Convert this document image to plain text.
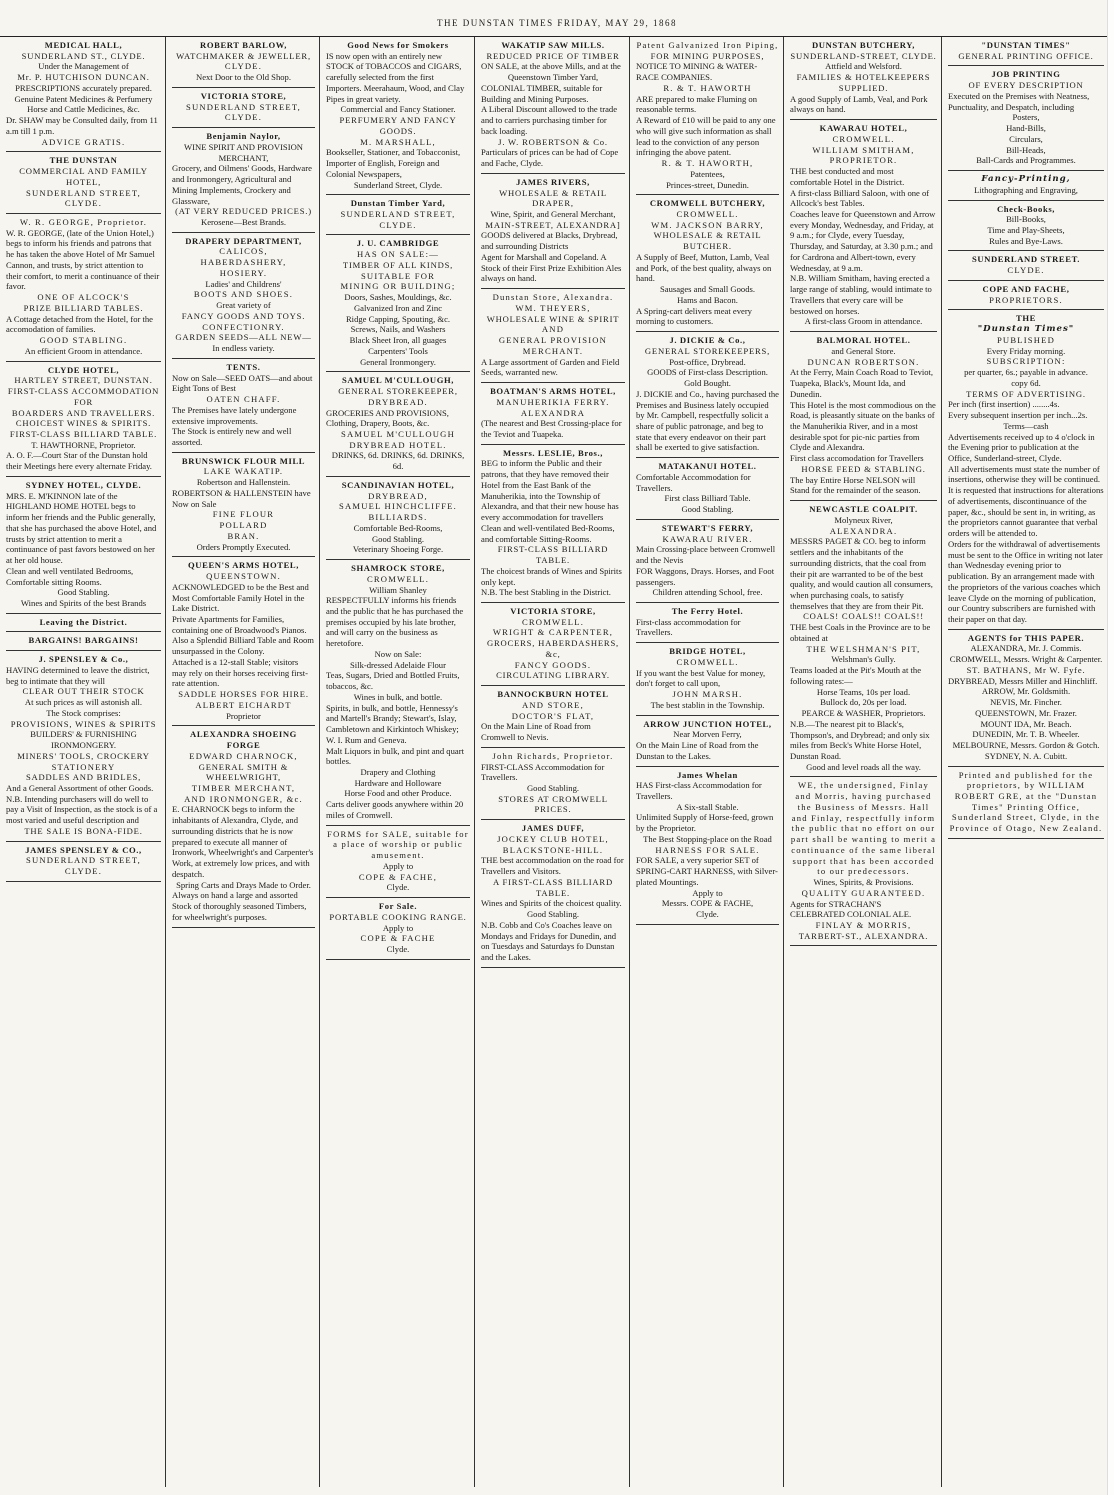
THE DUNSTAN TIMES FRIDAY, MAY 29, 1868

MEDICAL HALL,

SUNDERLAND ST., CLYDE.

Under the Management of

Mr. P. HUTCHISON DUNCAN.

PRESCRIPTIONS accurately prepared.

Genuine Patent Medicines & Perfumery

Horse and Cattle Medicines, &c.

Dr. SHAW may be Consulted daily, from 11 a.m till 1 p.m.

ADVICE GRATIS.

THE DUNSTAN

COMMERCIAL AND FAMILY HOTEL,

SUNDERLAND STREET,

CLYDE.

W. R. GEORGE, Proprietor.

W. R. GEORGE, (late of the Union Hotel,) begs to inform his friends and patrons that he has taken the above Hotel of Mr Samuel Cannon, and trusts, by strict attention to their comfort, to merit a continuance of their favor.

ONE OF ALCOCK'S

PRIZE BILLIARD TABLES.

A Cottage detached from the Hotel, for the accomodation of families.

GOOD STABLING.

An efficient Groom in attendance.

CLYDE HOTEL,

HARTLEY STREET, DUNSTAN.

FIRST-CLASS ACCOMMODATION FOR

BOARDERS AND TRAVELLERS.

CHOICEST WINES & SPIRITS.

FIRST-CLASS BILLIARD TABLE.

T. HAWTHORNE, Proprietor.

A. O. F.—Court Star of the Dunstan hold their Meetings here every alternate Friday.

SYDNEY HOTEL, CLYDE.

MRS. E. M'KINNON late of the HIGHLAND HOME HOTEL begs to inform her friends and the Public generally, that she has purchased the above Hotel, and trusts by strict attention to merit a continuance of past favors bestowed on her at her old house.

Clean and well ventilated Bedrooms, Comfortable sitting Rooms.

Good Stabling.

Wines and Spirits of the best Brands

Leaving the District.

BARGAINS! BARGAINS!

J. SPENSLEY & Co.,

HAVING determined to leave the district, beg to intimate that they will

CLEAR OUT THEIR STOCK

At such prices as will astonish all.

The Stock comprises:

PROVISIONS, WINES & SPIRITS

BUILDERS' & FURNISHING IRONMONGERY.

MINERS' TOOLS, CROCKERY

STATIONERY

SADDLES AND BRIDLES,

And a General Assortment of other Goods.

N.B. Intending purchasers will do well to pay a Visit of Inspection, as the stock is of a most varied and useful description and

THE SALE IS BONA-FIDE.

JAMES SPENSLEY & CO.,

SUNDERLAND STREET,

CLYDE.

ROBERT BARLOW,

WATCHMAKER & JEWELLER,

CLYDE.

Next Door to the Old Shop.

VICTORIA STORE,

SUNDERLAND STREET,

CLYDE.

Benjamin Naylor,

WINE SPIRIT AND PROVISION MERCHANT,

Grocery, and Oilmens' Goods, Hardware and Ironmongery, Agricultural and Mining Implements, Crockery and Glassware,

(AT VERY REDUCED PRICES.)

Kerosene—Best Brands.

DRAPERY DEPARTMENT,

CALICOS,

HABERDASHERY,

HOSIERY.

Ladies' and Childrens'

BOOTS AND SHOES.

Great variety of

FANCY GOODS AND TOYS.

CONFECTIONRY.

GARDEN SEEDS—ALL NEW—

In endless variety.

TENTS.

Now on Sale—SEED OATS—and about Eight Tons of Best

OATEN CHAFF.

The Premises have lately undergone extensive improvements.

The Stock is entirely new and well assorted.

BRUNSWICK FLOUR MILL

LAKE WAKATIP.

Robertson and Hallenstein.

ROBERTSON & HALLENSTEIN have Now on Sale

FINE FLOUR

POLLARD

BRAN.

Orders Promptly Executed.

QUEEN'S ARMS HOTEL,

QUEENSTOWN.

ACKNOWLEDGED to be the Best and Most Comfortable Family Hotel in the Lake District.

Private Apartments for Families, containing one of Broadwood's Pianos.

Also a Splendid Billiard Table and Room unsurpassed in the Colony.

Attached is a 12-stall Stable; visitors may rely on their horses receiving first-rate attention.

SADDLE HORSES FOR HIRE.

ALBERT EICHARDT

Proprietor

ALEXANDRA SHOEING FORGE

EDWARD CHARNOCK,

GENERAL SMITH & WHEELWRIGHT,

TIMBER MERCHANT,

AND IRONMONGER, &c.

E. CHARNOCK begs to inform the inhabitants of Alexandra, Clyde, and surrounding districts that he is now prepared to execute all manner of Ironwork, Wheelwright's and Carpenter's Work, at extremely low prices, and with despatch.

Spring Carts and Drays Made to Order.

Always on hand a large and assorted Stock of thoroughly seasoned Timbers, for wheelwright's purposes.

Good News for Smokers

IS now open with an entirely new STOCK of TOBACCOS and CIGARS, carefully selected from the first Importers. Meerahaum, Wood, and Clay Pipes in great variety.

Commercial and Fancy Stationer.

PERFUMERY AND FANCY GOODS.

M. MARSHALL,

Bookseller, Stationer, and Tobacconist, Importer of English, Foreign and Colonial Newspapers,

Sunderland Street, Clyde.

Dunstan Timber Yard,

SUNDERLAND STREET,

CLYDE.

J. U. CAMBRIDGE

HAS ON SALE:—

TIMBER OF ALL KINDS,

SUITABLE FOR

MINING OR BUILDING;

Doors, Sashes, Mouldings, &c.

Galvanized Iron and Zinc

Ridge Capping, Spouting, &c.

Screws, Nails, and Washers

Black Sheet Iron, all guages

Carpenters' Tools

General Ironmongery.

SAMUEL M'CULLOUGH,

GENERAL STOREKEEPER,

DRYBREAD.

GROCERIES AND PROVISIONS, Clothing, Drapery, Boots, &c.

SAMUEL M'CULLOUGH

DRYBREAD HOTEL.

DRINKS, 6d. DRINKS, 6d. DRINKS, 6d.

SCANDINAVIAN HOTEL,

DRYBREAD,

SAMUEL HINCHCLIFFE.

BILLIARDS.

Comfortable Bed-Rooms,

Good Stabling.

Veterinary Shoeing Forge.

SHAMROCK STORE,

CROMWELL.

William Shanley

RESPECTFULLY informs his friends and the public that he has purchased the premises occupied by his late brother, and will carry on the business as heretofore.

Now on Sale:

Silk-dressed Adelaide Flour

Teas, Sugars, Dried and Bottled Fruits, tobaccos, &c.

Wines in bulk, and bottle.

Spirits, in bulk, and bottle, Hennessy's and Martell's Brandy; Stewart's, Islay, Cambletown and Kirkintoch Whiskey; W. I. Rum and Geneva.

Malt Liquors in bulk, and pint and quart bottles.

Drapery and Clothing

Hardware and Holloware

Horse Food and other Produce.

Carts deliver goods anywhere within 20 miles of Cromwell.

FORMS for SALE, suitable for a place of worship or public amusement.

Apply to

COPE & FACHE,

Clyde.

For Sale.

PORTABLE COOKING RANGE.

Apply to

COPE & FACHE

Clyde.

WAKATIP SAW MILLS.

REDUCED PRICE OF TIMBER

ON SALE, at the above Mills, and at the

Queenstown Timber Yard,

COLONIAL TIMBER, suitable for Building and Mining Purposes.

A Liberal Discount allowed to the trade and to carriers purchasing timber for back loading.

J. W. ROBERTSON & Co.

Particulars of prices can be had of Cope and Fache, Clyde.

JAMES RIVERS,

WHOLESALE & RETAIL DRAPER,

Wine, Spirit, and General Merchant,

MAIN-STREET, ALEXANDRA]

GOODS delivered at Blacks, Drybread, and surrounding Districts

Agent for Marshall and Copeland. A Stock of their First Prize Exhibition Ales always on hand.

Dunstan Store, Alexandra.

WM. THEYERS,

WHOLESALE WINE & SPIRIT

AND

GENERAL PROVISION

MERCHANT.

A Large assortment of Garden and Field Seeds, warranted new.

BOATMAN'S ARMS HOTEL,

MANUHERIKIA FERRY.

ALEXANDRA

(The nearest and Best Crossing-place for the Teviot and Tuapeka.

Messrs. LESLIE, Bros.,

BEG to inform the Public and their patrons, that they have removed their Hotel from the East Bank of the Manuherikia, into the Township of Alexandra, and that their new house has every accommodation for travellers

Clean and well-ventilated Bed-Rooms, and comfortable Sitting-Rooms.

FIRST-CLASS BILLIARD TABLE.

The choicest brands of Wines and Spirits only kept.

N.B. The best Stabling in the District.

VICTORIA STORE,

CROMWELL.

WRIGHT & CARPENTER,

GROCERS, HABERDASHERS, &c,

FANCY GOODS.

CIRCULATING LIBRARY.

BANNOCKBURN HOTEL

AND STORE,

DOCTOR'S FLAT,

On the Main Line of Road from Cromwell to Nevis.

John Richards, Proprietor.

FIRST-CLASS Accommodation for Travellers.

Good Stabling.

STORES AT CROMWELL PRICES.

JAMES DUFF,

JOCKEY CLUB HOTEL,

BLACKSTONE-HILL.

THE best accommodation on the road for Travellers and Visitors.

A FIRST-CLASS BILLIARD TABLE.

Wines and Spirits of the choicest quality.

Good Stabling.

N.B. Cobb and Co's Coaches leave on Mondays and Fridays for Dunedin, and on Tuesdays and Saturdays fo Dunstan and the Lakes.

Patent Galvanized Iron Piping,

FOR MINING PURPOSES,

NOTICE TO MINING & WATER-RACE COMPANIES.

R. & T. HAWORTH

ARE prepared to make Fluming on reasonable terms.

A Reward of £10 will be paid to any one who will give such information as shall lead to the conviction of any person infringing the above patent.

R. & T. HAWORTH,

Patentees,

Princes-street, Dunedin.

CROMWELL BUTCHERY,

CROMWELL.

WM. JACKSON BARRY,

WHOLESALE & RETAIL BUTCHER.

A Supply of Beef, Mutton, Lamb, Veal and Pork, of the best quality, always on hand.

Sausages and Small Goods.

Hams and Bacon.

A Spring-cart delivers meat every morning to customers.

J. DICKIE & Co.,

GENERAL STOREKEEPERS,

Post-office, Drybread.

GOODS of First-class Description.

Gold Bought.

J. DICKIE and Co., having purchased the Premises and Business lately occupied by Mr. Campbell, respectfully solicit a share of public patronage, and beg to state that every endeavor on their part shall be exerted to give satisfaction.

MATAKANUI HOTEL.

Comfortable Accommodation for Travellers.

First class Billiard Table.

Good Stabling.

STEWART'S FERRY,

KAWARAU RIVER.

Main Crossing-place between Cromwell and the Nevis

FOR Waggons, Drays. Horses, and Foot passengers.

Children attending School, free.

The Ferry Hotel.

First-class accommodation for Travellers.

BRIDGE HOTEL,

CROMWELL.

If you want the best Value for money, don't forget to call upon,

JOHN MARSH.

The best stablin in the Township.

ARROW JUNCTION HOTEL,

Near Morven Ferry,

On the Main Line of Road from the Dunstan to the Lakes.

James Whelan

HAS First-class Accommodation for Travellers.

A Six-stall Stable.

Unlimited Supply of Horse-feed, grown by the Proprietor.

The Best Stopping-place on the Road

HARNESS FOR SALE.

FOR SALE, a very superior SET of SPRING-CART HARNESS, with Silver-plated Mountings.

Apply to

Messrs. COPE & FACHE,

Clyde.

DUNSTAN BUTCHERY,

SUNDERLAND-STREET, CLYDE.

Attfield and Welsford.

FAMILIES & HOTELKEEPERS SUPPLIED.

A good Supply of Lamb, Veal, and Pork always on hand.

KAWARAU HOTEL,

CROMWELL.

WILLIAM SMITHAM,

PROPRIETOR.

THE best conducted and most comfortable Hotel in the District.

A first-class Billiard Saloon, with one of Allcock's best Tables.

Coaches leave for Queenstown and Arrow every Monday, Wednesday, and Friday, at 9 a.m.; for Clyde, every Tuesday, Thursday, and Saturday, at 3.30 p.m.; and for Cardrona and Albert-town, every Wednesday, at 9 a.m.

N.B. William Smitham, having erected a large range of stabling, would intimate to Travellers that every care will be bestowed on horses.

A first-class Groom in attendance.

BALMORAL HOTEL.

and General Store.

DUNCAN ROBERTSON.

At the Ferry, Main Coach Road to Teviot, Tuapeka, Black's, Mount Ida, and Dunedin.

This Hotel is the most commodious on the Road, is pleasantly situate on the banks of the Manuherikia River, and in a most desirable spot for pic-nic parties from Clyde and Alexandra.

First class accomodation for Travellers

HORSE FEED & STABLING.

The bay Entire Horse NELSON will Stand for the remainder of the season.

NEWCASTLE COALPIT.

Molyneux River,

ALEXANDRA.

MESSRS PAGET & CO. beg to inform settlers and the inhabitants of the surrounding districts, that the coal from their pit are warranted to be of the best quality, and would caution all consumers, when purchasing coals, to satisfy themselves that they are from their Pit.

COALS! COALS!! COALS!!

THE best Coals in the Province are to be obtained at

THE WELSHMAN'S PIT,

Welshman's Gully.

Teams loaded at the Pit's Mouth at the following rates:—

Horse Teams, 10s per load.

Bullock do, 20s per load.

PEARCE & WASHER, Proprietors.

N.B.—The nearest pit to Black's, Thompson's, and Drybread; and only six miles from Beck's White Horse Hotel, Dunstan Road.

Good and level roads all the way.

WE, the undersigned, Finlay and Morris, having purchased the Business of Messrs. Hall and Finlay, respectfully inform the public that no effort on our part shall be wanting to merit a continuance of the same liberal support that has been accorded to our predecessors.

Wines, Spirits, & Provisions.

QUALITY GUARANTEED.

Agents for STRACHAN'S CELEBRATED COLONIAL ALE.

FINLAY & MORRIS,

TARBERT-ST., ALEXANDRA.

"DUNSTAN TIMES"

GENERAL PRINTING OFFICE.

JOB PRINTING

OF EVERY DESCRIPTION

Executed on the Premises with Neatness, Punctuality, and Despatch, including

Posters,

Hand-Bills,

Circulars,

Bill-Heads,

Ball-Cards and Programmes.

Fancy-Printing,

Lithographing and Engraving,

Check-Books,

Bill-Books,

Time and Play-Sheets,

Rules and Bye-Laws.

SUNDERLAND STREET.

CLYDE.

COPE AND FACHE,

PROPRIETORS.

THE

"Dunstan Times"

PUBLISHED

Every Friday morning.

SUBSCRIPTION:

per quarter, 6s.; payable in advance.

copy 6d.

TERMS OF ADVERTISING.

Per inch (first insertion) ........4s.

Every subsequent insertion per inch...2s.

Terms—cash

Advertisements received up to 4 o'clock in the Evening prior to publication at the Office, Sunderland-street, Clyde.

All advertisements must state the number of insertions, otherwise they will be continued. It is requested that instructions for alterations of advertisements, discontinuance of the paper, &c., should be sent in, in writing, as the proprietors cannot guarantee that verbal orders will be attended to.

Orders for the withdrawal of advertisements must be sent to the Office in writing not later than Wednesday evening prior to publication. By an arrangement made with the proprietors of the various coaches which leave Clyde on the morning of publication, our Country subscribers are furnished with their paper on that day.

AGENTS for THIS PAPER.

ALEXANDRA, Mr. J. Commis.

CROMWELL, Messrs. Wright & Carpenter.

ST. BATHANS, Mr W. Fyfe.

DRYBREAD, Messrs Miller and Hinchliff.

ARROW, Mr. Goldsmith.

NEVIS, Mr. Fincher.

QUEENSTOWN, Mr. Frazer.

MOUNT IDA, Mr. Beach.

DUNEDIN, Mr. T. B. Wheeler.

MELBOURNE, Messrs. Gordon & Gotch.

SYDNEY, N. A. Cubitt.

Printed and published for the proprietors, by WILLIAM ROBERT GRE, at the "Dunstan Times" Printing Office, Sunderland Street, Clyde, in the Province of Otago, New Zealand.
